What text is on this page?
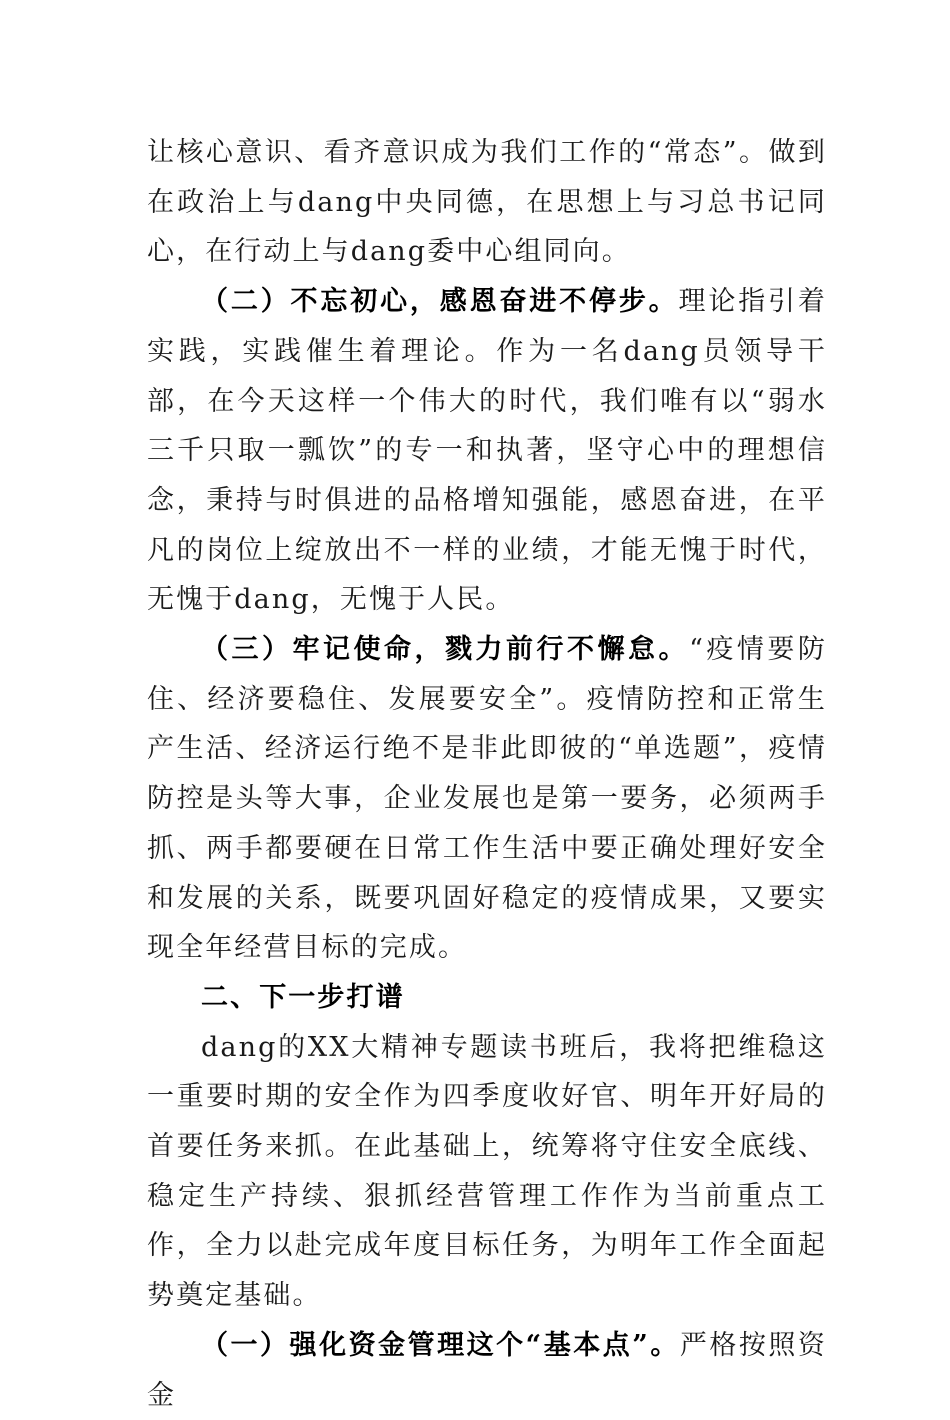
让核心意识、看齐意识成为我们工作的“常态”。做到在政治上与dang中央同德，在思想上与习总书记同心，在行动上与dang委中心组同向。

（二）不忘初心，感恩奋进不停步。理论指引着实践，实践催生着理论。作为一名dang员领导干部，在今天这样一个伟大的时代，我们唯有以“弱水三千只取一瓢饮”的专一和执著，坚守心中的理想信念，秉持与时俱进的品格增知强能，感恩奋进，在平凡的岗位上绽放出不一样的业绩，才能无愧于时代，无愧于dang，无愧于人民。

（三）牢记使命，戮力前行不懈怠。“疫情要防住、经济要稳住、发展要安全”。疫情防控和正常生产生活、经济运行绝不是非此即彼的“单选题”，疫情防控是头等大事，企业发展也是第一要务，必须两手抓、两手都要硬在日常工作生活中要正确处理好安全和发展的关系，既要巩固好稳定的疫情成果，又要实现全年经营目标的完成。

二、下一步打谱

dang的XX大精神专题读书班后，我将把维稳这一重要时期的安全作为四季度收好官、明年开好局的首要任务来抓。在此基础上，统筹将守住安全底线、稳定生产持续、狠抓经营管理工作作为当前重点工作，全力以赴完成年度目标任务，为明年工作全面起势奠定基础。

（一）强化资金管理这个“基本点”。严格按照资金
